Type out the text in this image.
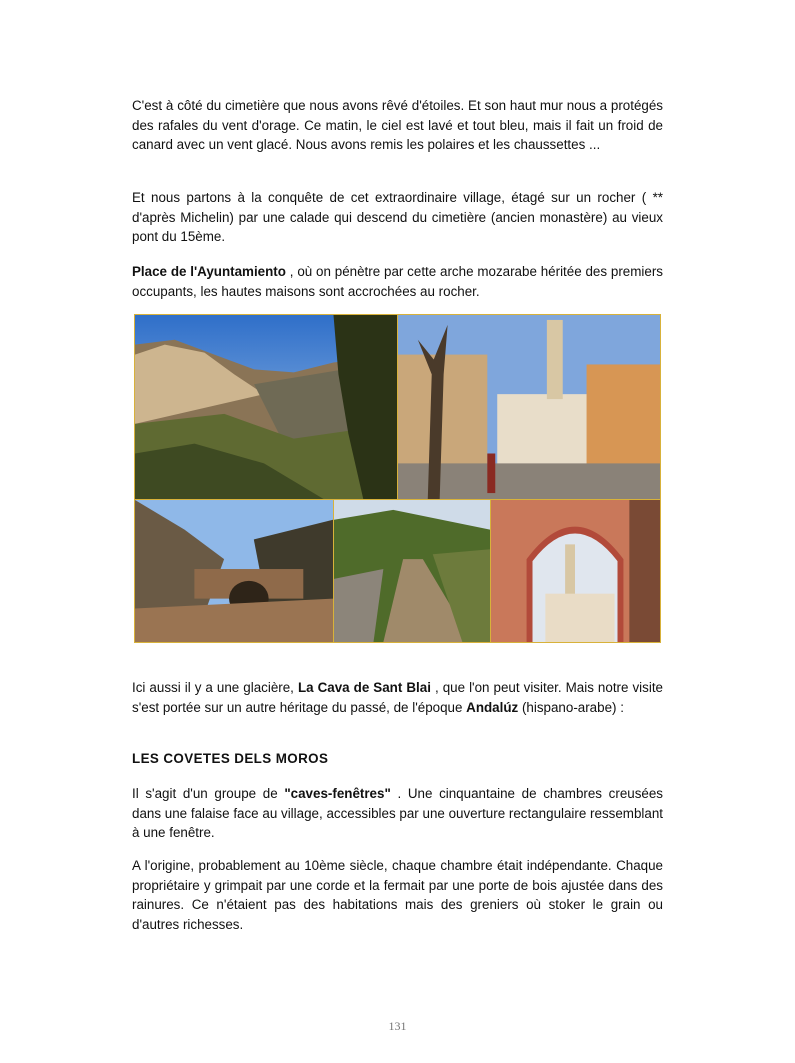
C'est à côté du cimetière que nous avons rêvé d'étoiles. Et son haut mur nous a protégés des rafales du vent d'orage. Ce matin, le ciel est lavé et tout bleu, mais il fait un froid de canard avec un vent glacé. Nous avons remis les polaires et les chaussettes ...

Et nous partons à la conquête de cet extraordinaire village, étagé sur un rocher ( ** d'après Michelin) par une calade qui descend du cimetière (ancien monastère) au vieux pont du 15ème.

Place de l'Ayuntamiento , où on pénètre par cette arche mozarabe héritée des premiers occupants, les hautes maisons sont accrochées au rocher.

Ici aussi il y a une glacière, La Cava de Sant Blai , que l'on peut visiter. Mais notre visite s'est portée sur un autre héritage du passé, de l'époque Andalúz (hispano-arabe) :

LES COVETES DELS MOROS

Il s'agit d'un groupe de "caves-fenêtres" . Une cinquantaine de chambres creusées dans une falaise face au village, accessibles par une ouverture rectangulaire ressemblant à une fenêtre.

A l'origine, probablement au 10ème siècle, chaque chambre était indépendante. Chaque propriétaire y grimpait par une corde et la fermait par une porte de bois ajustée dans des rainures. Ce n'étaient pas des habitations mais des greniers où stoker le grain ou d'autres richesses.

131
